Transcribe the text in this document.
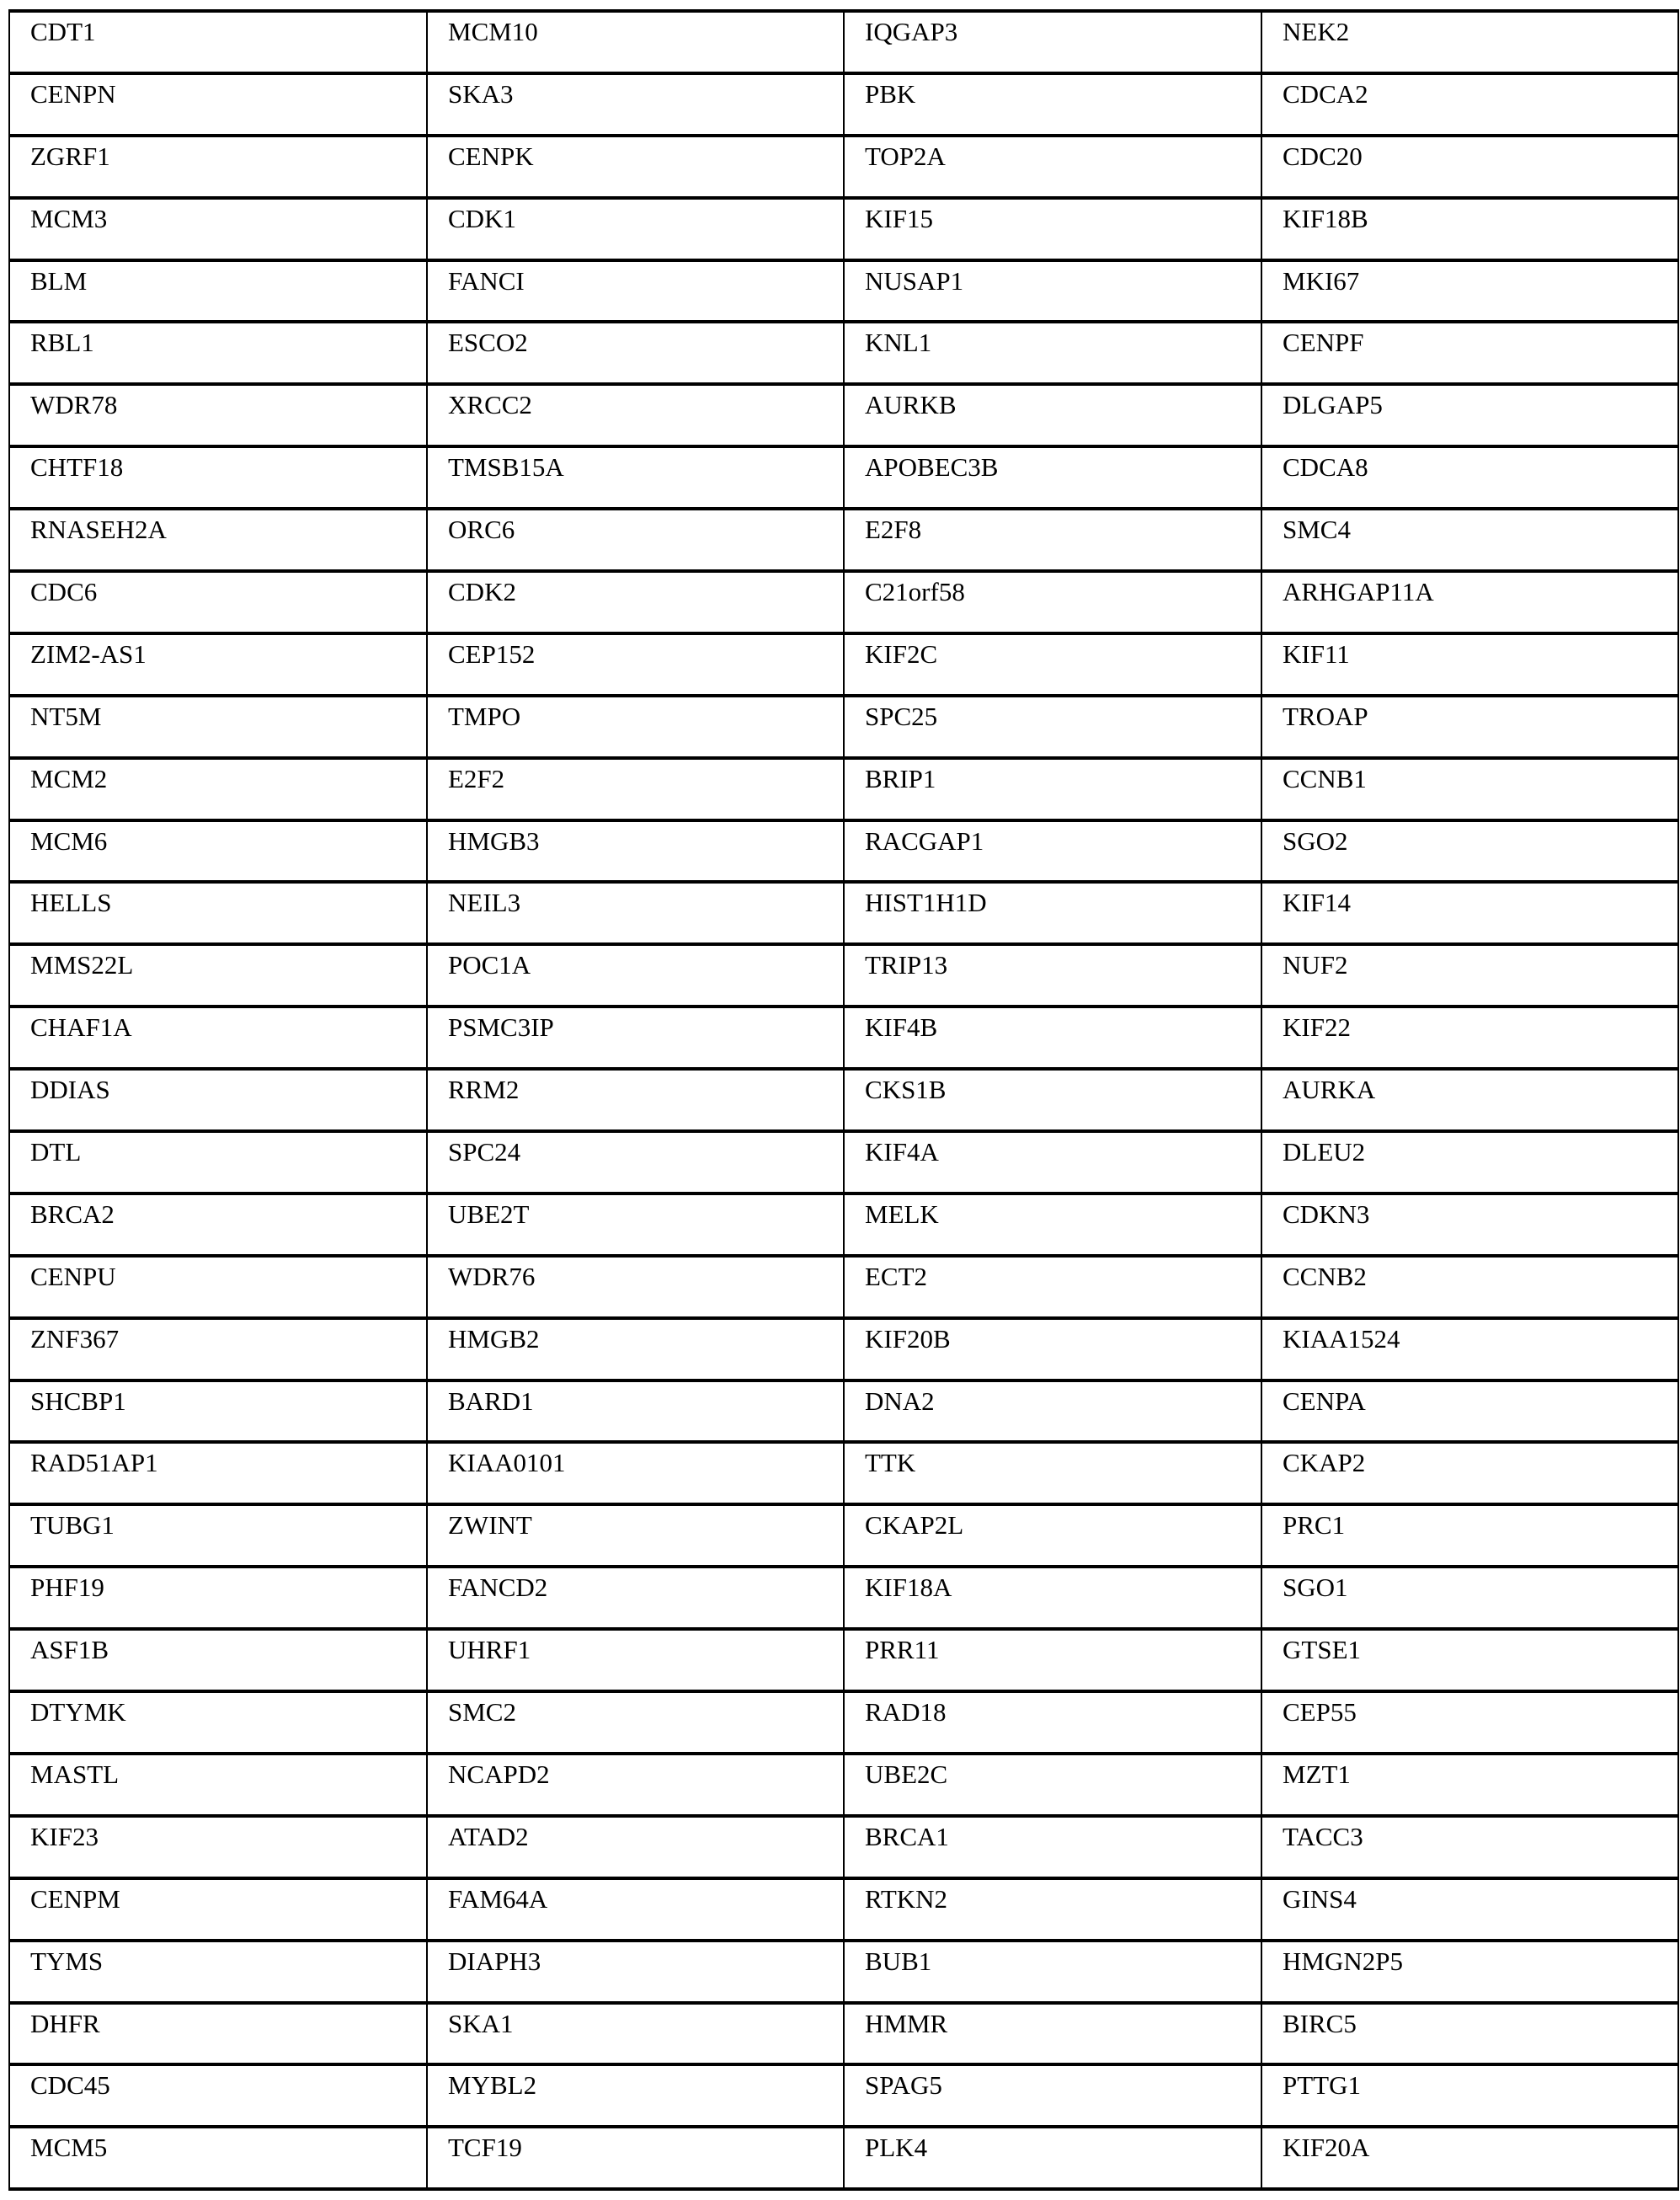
CDT1	MCM10	IQGAP3	NEK2
CENPN	SKA3	PBK	CDCA2
ZGRF1	CENPK	TOP2A	CDC20
MCM3	CDK1	KIF15	KIF18B
BLM	FANCI	NUSAP1	MKI67
RBL1	ESCO2	KNL1	CENPF
WDR78	XRCC2	AURKB	DLGAP5
CHTF18	TMSB15A	APOBEC3B	CDCA8
RNASEH2A	ORC6	E2F8	SMC4
CDC6	CDK2	C21orf58	ARHGAP11A
ZIM2-AS1	CEP152	KIF2C	KIF11
NT5M	TMPO	SPC25	TROAP
MCM2	E2F2	BRIP1	CCNB1
MCM6	HMGB3	RACGAP1	SGO2
HELLS	NEIL3	HIST1H1D	KIF14
MMS22L	POC1A	TRIP13	NUF2
CHAF1A	PSMC3IP	KIF4B	KIF22
DDIAS	RRM2	CKS1B	AURKA
DTL	SPC24	KIF4A	DLEU2
BRCA2	UBE2T	MELK	CDKN3
CENPU	WDR76	ECT2	CCNB2
ZNF367	HMGB2	KIF20B	KIAA1524
SHCBP1	BARD1	DNA2	CENPA
RAD51AP1	KIAA0101	TTK	CKAP2
TUBG1	ZWINT	CKAP2L	PRC1
PHF19	FANCD2	KIF18A	SGO1
ASF1B	UHRF1	PRR11	GTSE1
DTYMK	SMC2	RAD18	CEP55
MASTL	NCAPD2	UBE2C	MZT1
KIF23	ATAD2	BRCA1	TACC3
CENPM	FAM64A	RTKN2	GINS4
TYMS	DIAPH3	BUB1	HMGN2P5
DHFR	SKA1	HMMR	BIRC5
CDC45	MYBL2	SPAG5	PTTG1
MCM5	TCF19	PLK4	KIF20A
